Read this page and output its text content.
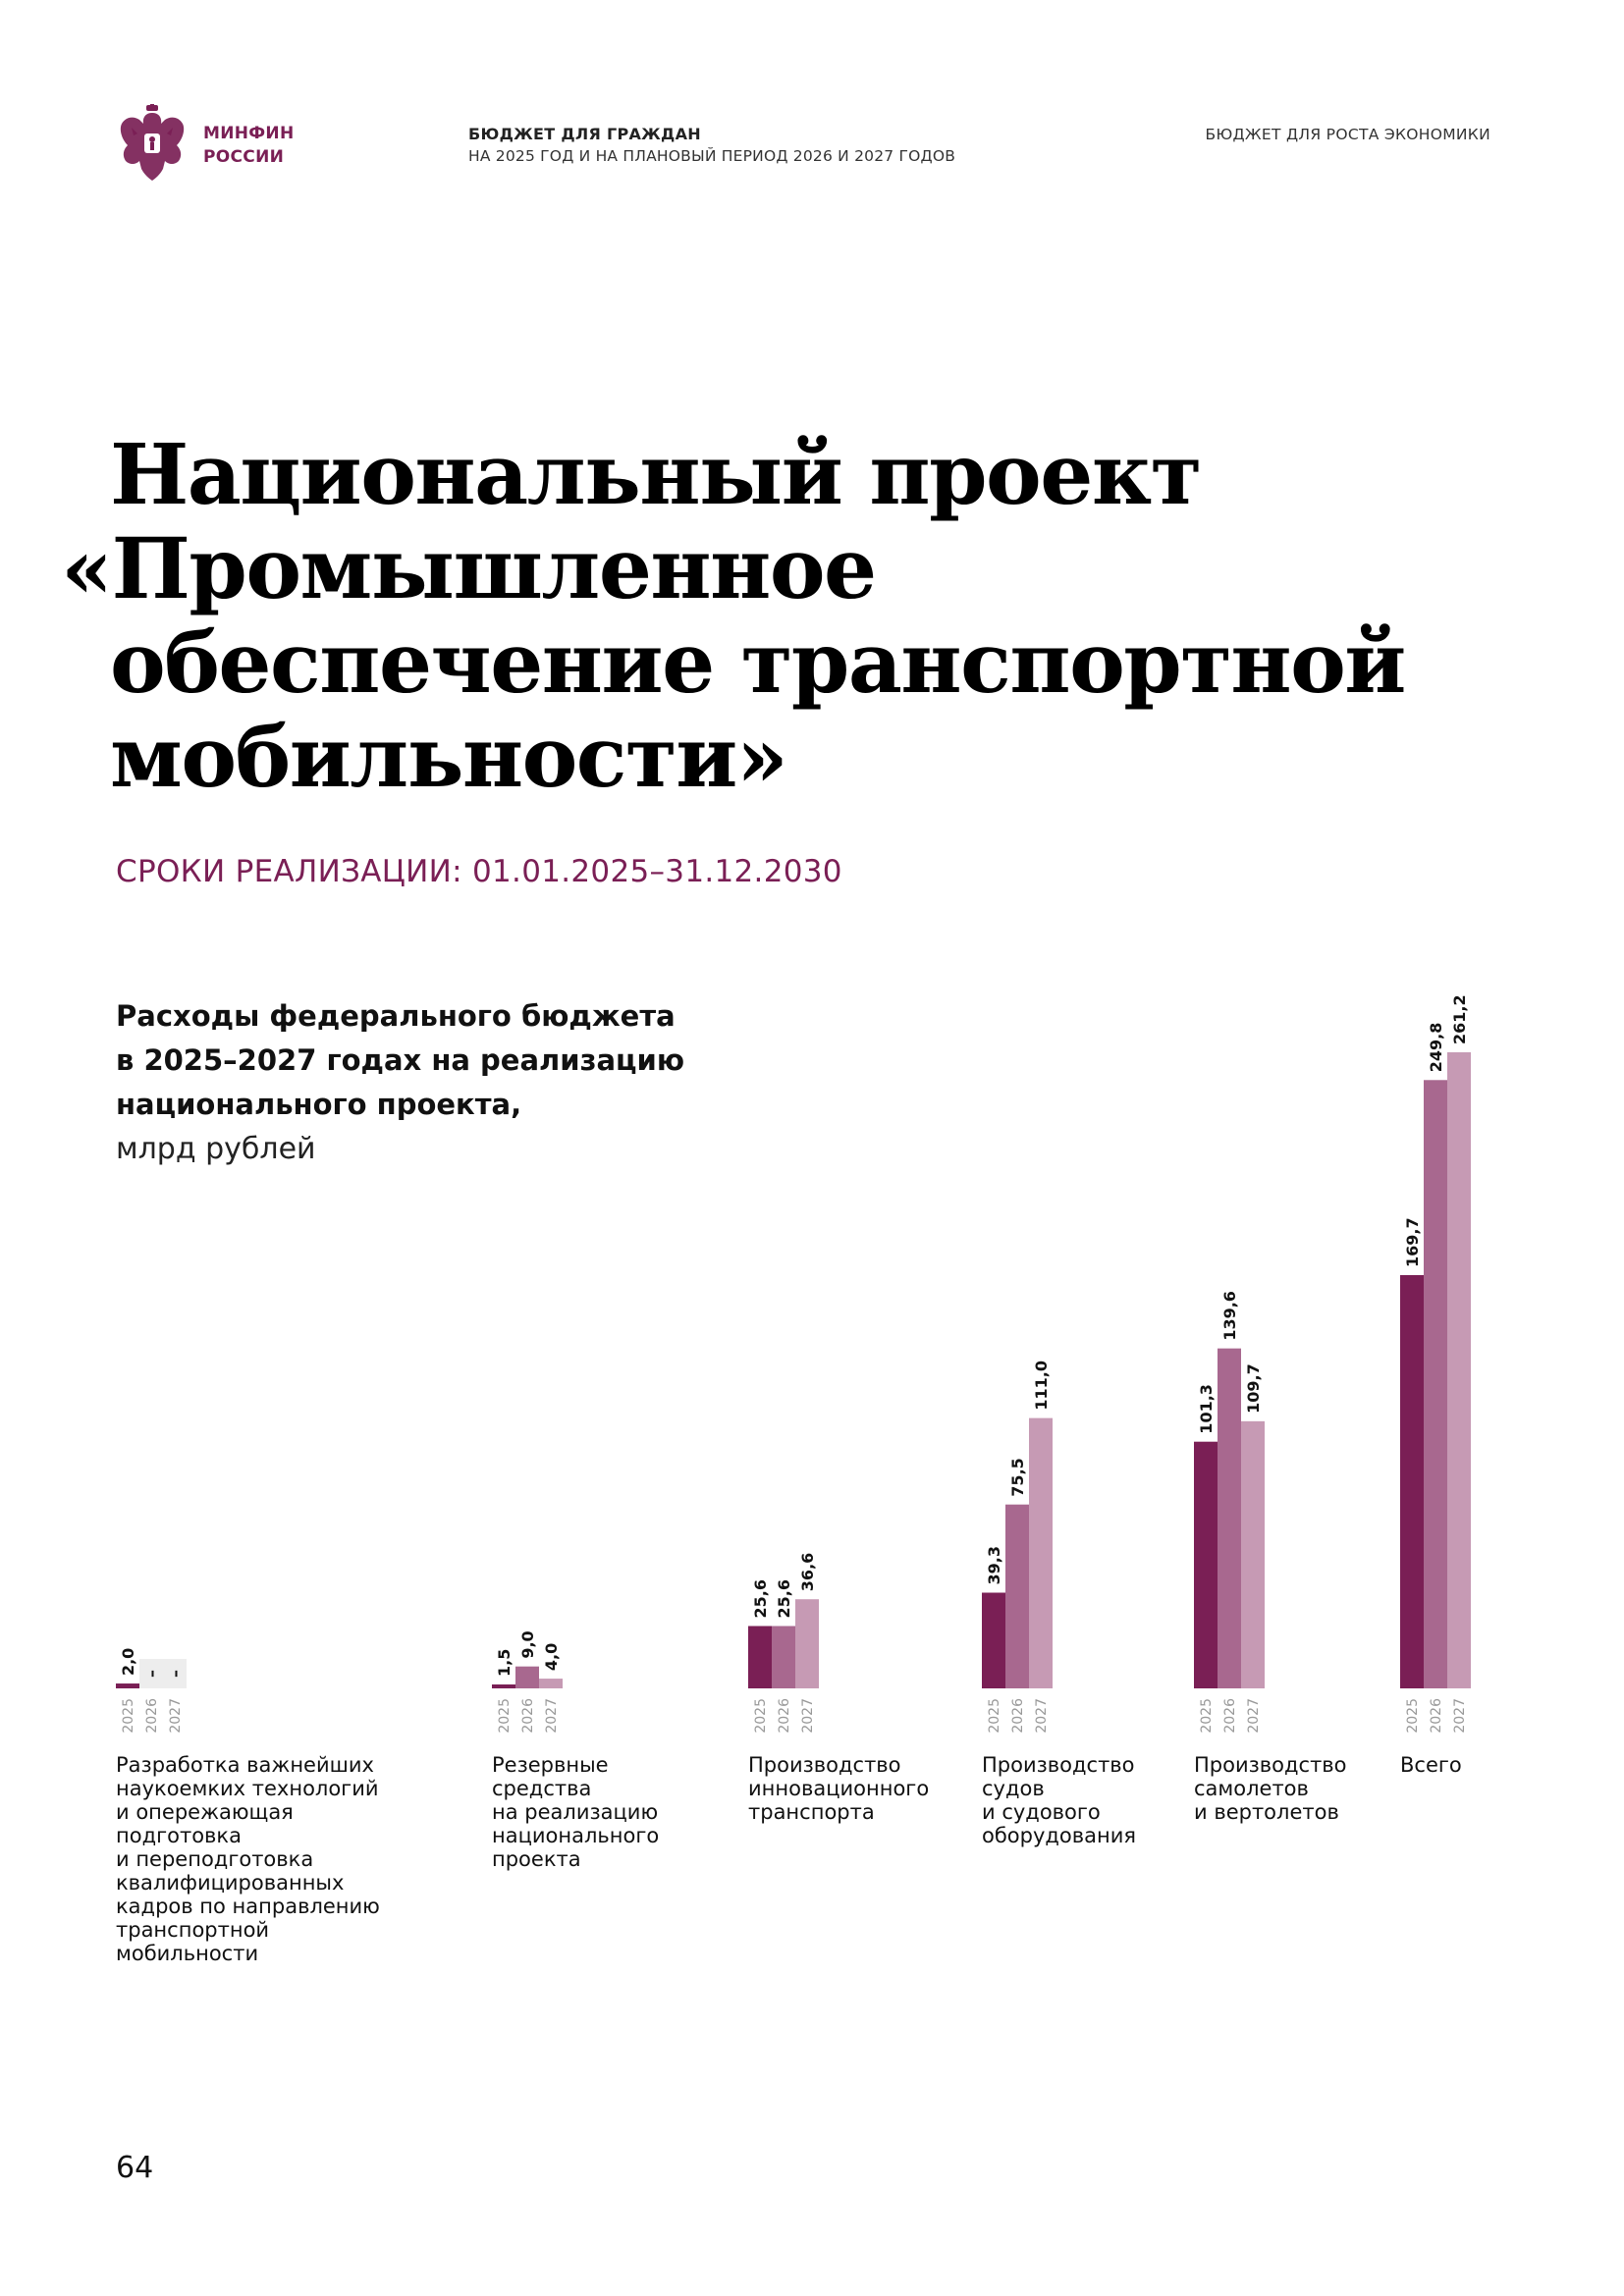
МИНФИН
РОССИИ
БЮДЖЕТ ДЛЯ ГРАЖДАН
НА 2025 ГОД И НА ПЛАНОВЫЙ ПЕРИОД 2026 И 2027 ГОДОВ
БЮДЖЕТ ДЛЯ РОСТА ЭКОНОМИКИ
Национальный проект
«Промышленное
обеспечение транспортной
мобильности»
СРОКИ РЕАЛИЗАЦИИ: 01.01.2025–31.12.2030
Расходы федерального бюджета
в 2025–2027 годах на реализацию
национального проекта,
млрд рублей
2,0
2025
–
2026
–
2027
1,5
2025
9,0
2026
4,0
2027
25,6
2025
25,6
2026
36,6
2027
39,3
2025
75,5
2026
111,0
2027
101,3
2025
139,6
2026
109,7
2027
169,7
2025
249,8
2026
261,2
2027
Разработка важнейших
наукоемких технологий
и опережающая
подготовка
и переподготовка
квалифицированных
кадров по направлению
транспортной
мобильности
Резервные
средства
на реализацию
национального
проекта
Производство
инновационного
транспорта
Производство
судов
и судового
оборудования
Производство
самолетов
и вертолетов
Всего
64
